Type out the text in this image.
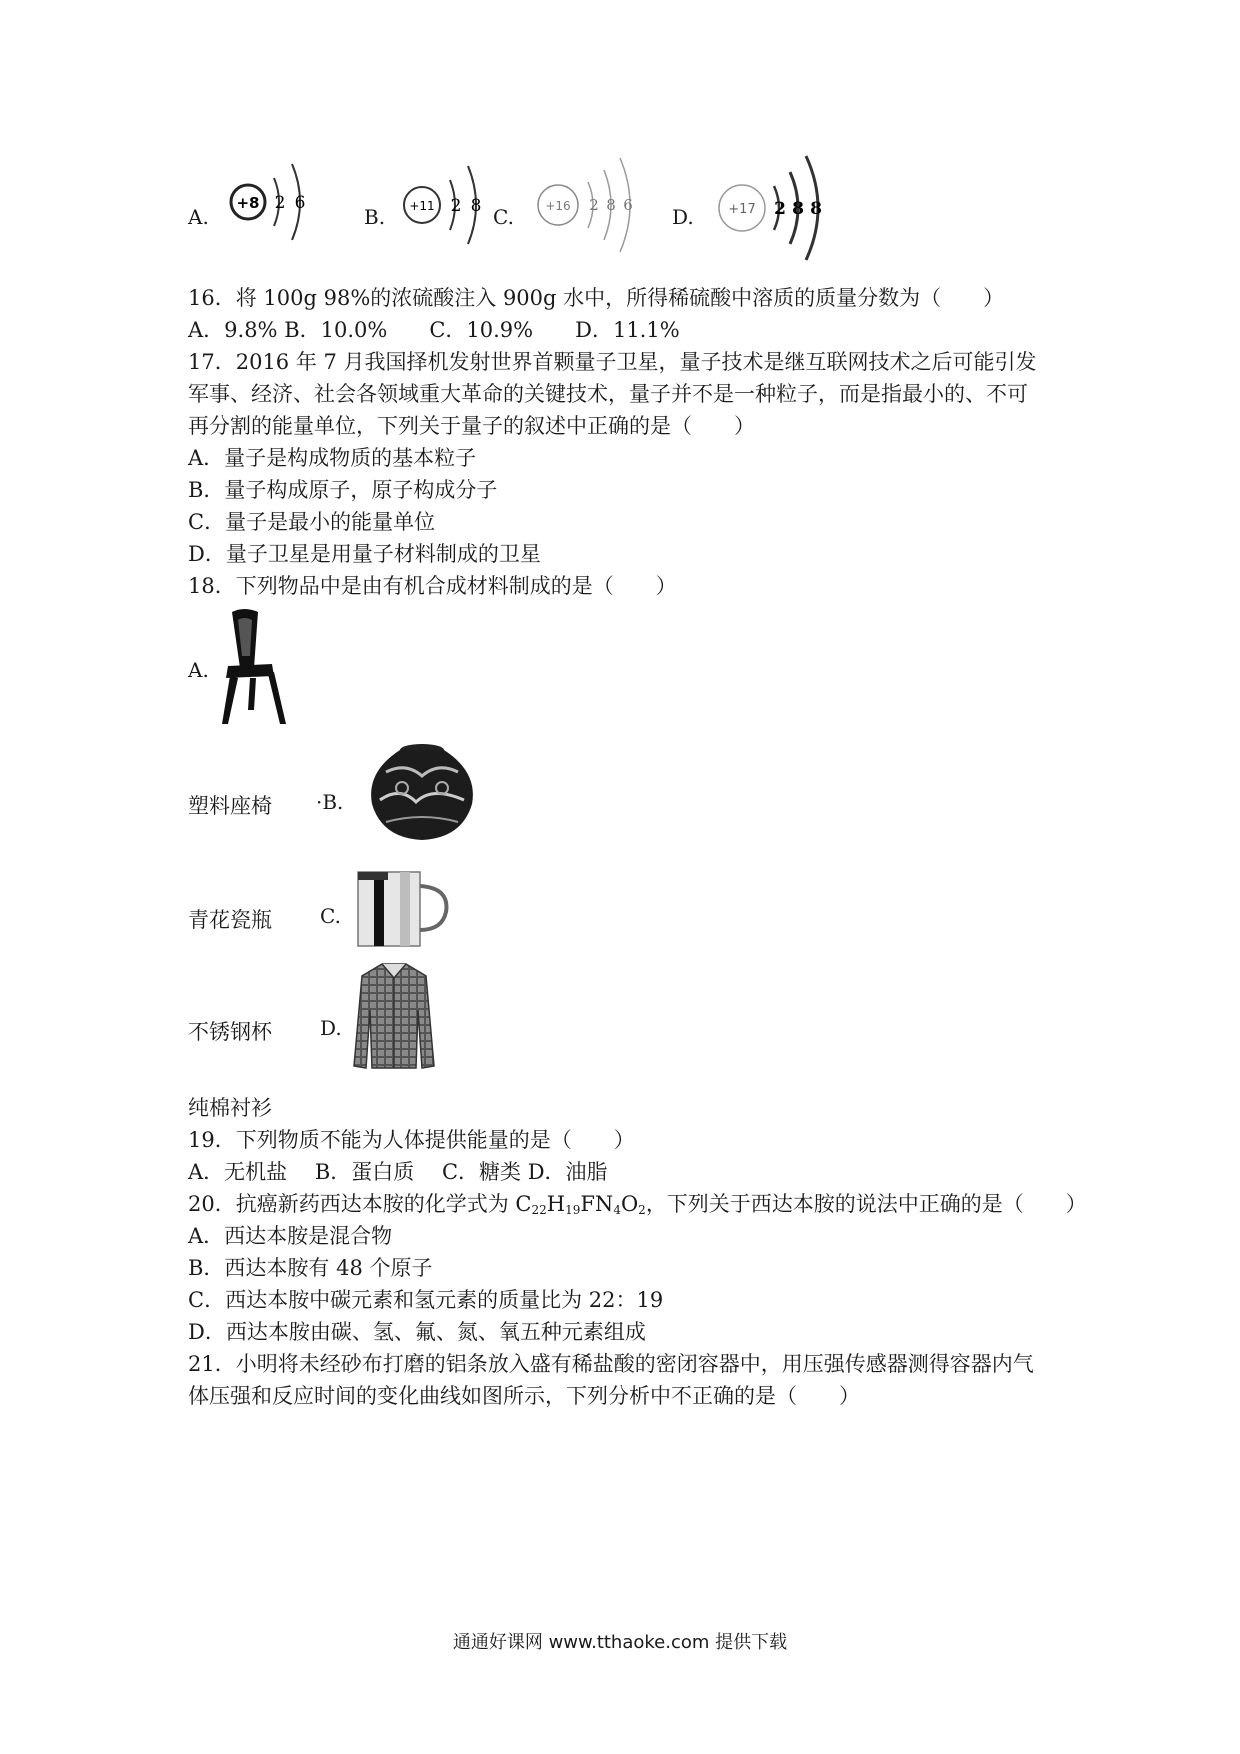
A.
+8 2 6
B. +11 2 8 C.	+16 2 8 6 D.	+17 2 8 8
16．将 100g 98%的浓硫酸注入 900g 水中，所得稀硫酸中溶质的质量分数为（　　）
A．9.8% B．10.0%　　C．10.9%　　D．11.1%
17．2016 年 7 月我国择机发射世界首颗量子卫星，量子技术是继互联网技术之后可能引发
军事、经济、社会各领域重大革命的关键技术，量子并不是一种粒子，而是指最小的、不可
再分割的能量单位，下列关于量子的叙述中正确的是（　　）
A．量子是构成物质的基本粒子
B．量子构成原子，原子构成分子
C．量子是最小的能量单位
D．量子卫星是用量子材料制成的卫星
18．下列物品中是由有机合成材料制成的是（　　）
A.
塑料座椅 ·B.
青花瓷瓶 C.
不锈钢杯 D.
纯棉衬衫
19．下列物质不能为人体提供能量的是（　　）
A．无机盐　 B．蛋白质　 C．糖类 D．油脂
20．抗癌新药西达本胺的化学式为 $C_{22}H_{19}FN_4O_2$，下列关于西达本胺的说法中正确的是（　　）
A．西达本胺是混合物
B．西达本胺有 48 个原子
C．西达本胺中碳元素和氢元素的质量比为 22：19
D．西达本胺由碳、氢、氟、氮、氧五种元素组成
21．小明将未经砂布打磨的铝条放入盛有稀盐酸的密闭容器中，用压强传感器测得容器内气
体压强和反应时间的变化曲线如图所示，下列分析中不正确的是（　　）
通通好课网 www.tthaoke.com 提供下载
